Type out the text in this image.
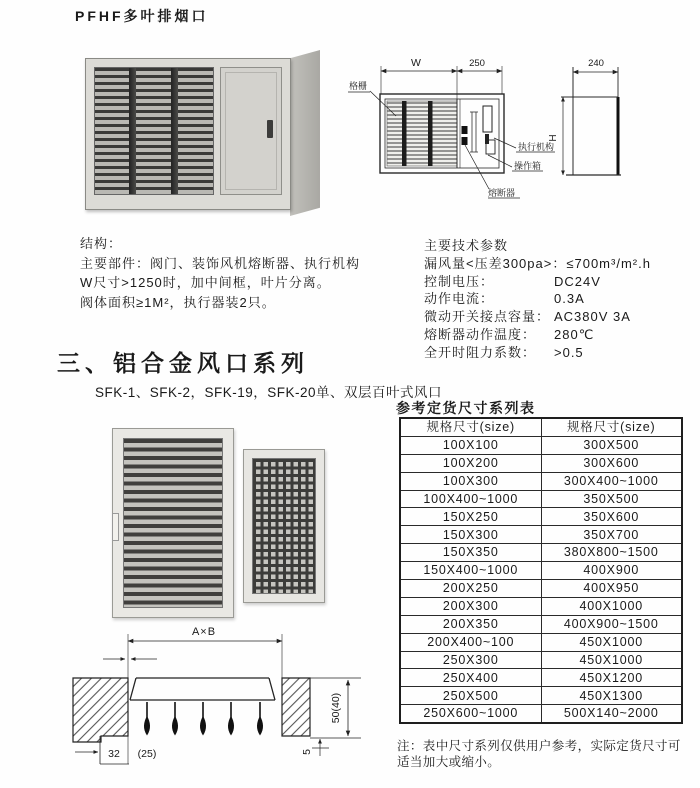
PFHF多叶排烟口
W	250
格栅
执行机构
操作箱
熔断器
240
H
结构：
主要部件：阀门、装饰风机熔断器、执行机构
W尺寸>1250时，加中间框，叶片分离。
阀体面积≥1M²，执行器装2只。
主要技术参数
漏风量<压差300pa>： ≤700m³/m².h
控制电压：	DC24V
动作电流：	0.3A
微动开关接点容量： AC380V 3A
熔断器动作温度：	280℃
全开时阻力系数：	>0.5
三、铝合金风口系列
SFK-1、SFK-2，SFK-19，SFK-20单、双层百叶式风口
A×B
50(40)
5
32 (25)
参考定货尺寸系列表
规格尺寸(size)	规格尺寸(size)
100X100	300X500
100X200	300X600
100X300	300X400~1000
100X400~1000	350X500
150X250	350X600
150X300	350X700
150X350	380X800~1500
150X400~1000	400X900
200X250	400X950
200X300	400X1000
200X350	400X900~1500
200X400~100	450X1000
250X300	450X1000
250X400	450X1200
250X500	450X1300
250X600~1000	500X140~2000
注：表中尺寸系列仅供用户参考，实际定货尺寸可适当加大或缩小。
